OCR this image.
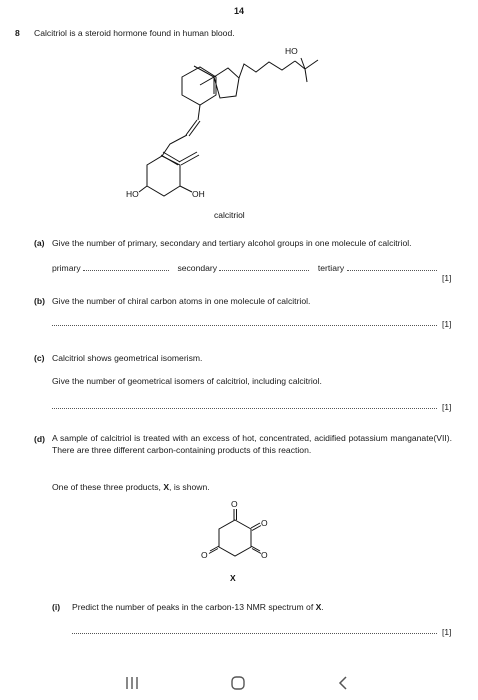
14
8 Calcitriol is a steroid hormone found in human blood.
HO
HO	OH
calcitriol
(a) Give the number of primary, secondary and tertiary alcohol groups in one molecule of calcitriol.
primary	secondary	tertiary
[1]
(b) Give the number of chiral carbon atoms in one molecule of calcitriol.
[1]
(c) Calcitriol shows geometrical isomerism.
Give the number of geometrical isomers of calcitriol, including calcitriol.
[1]
(d) A sample of calcitriol is treated with an excess of hot, concentrated, acidified potassium manganate(VII). There are three different carbon-containing products of this reaction.
One of these three products, X, is shown.
O
O
O
O
X
(i) Predict the number of peaks in the carbon-13 NMR spectrum of X.
[1]
